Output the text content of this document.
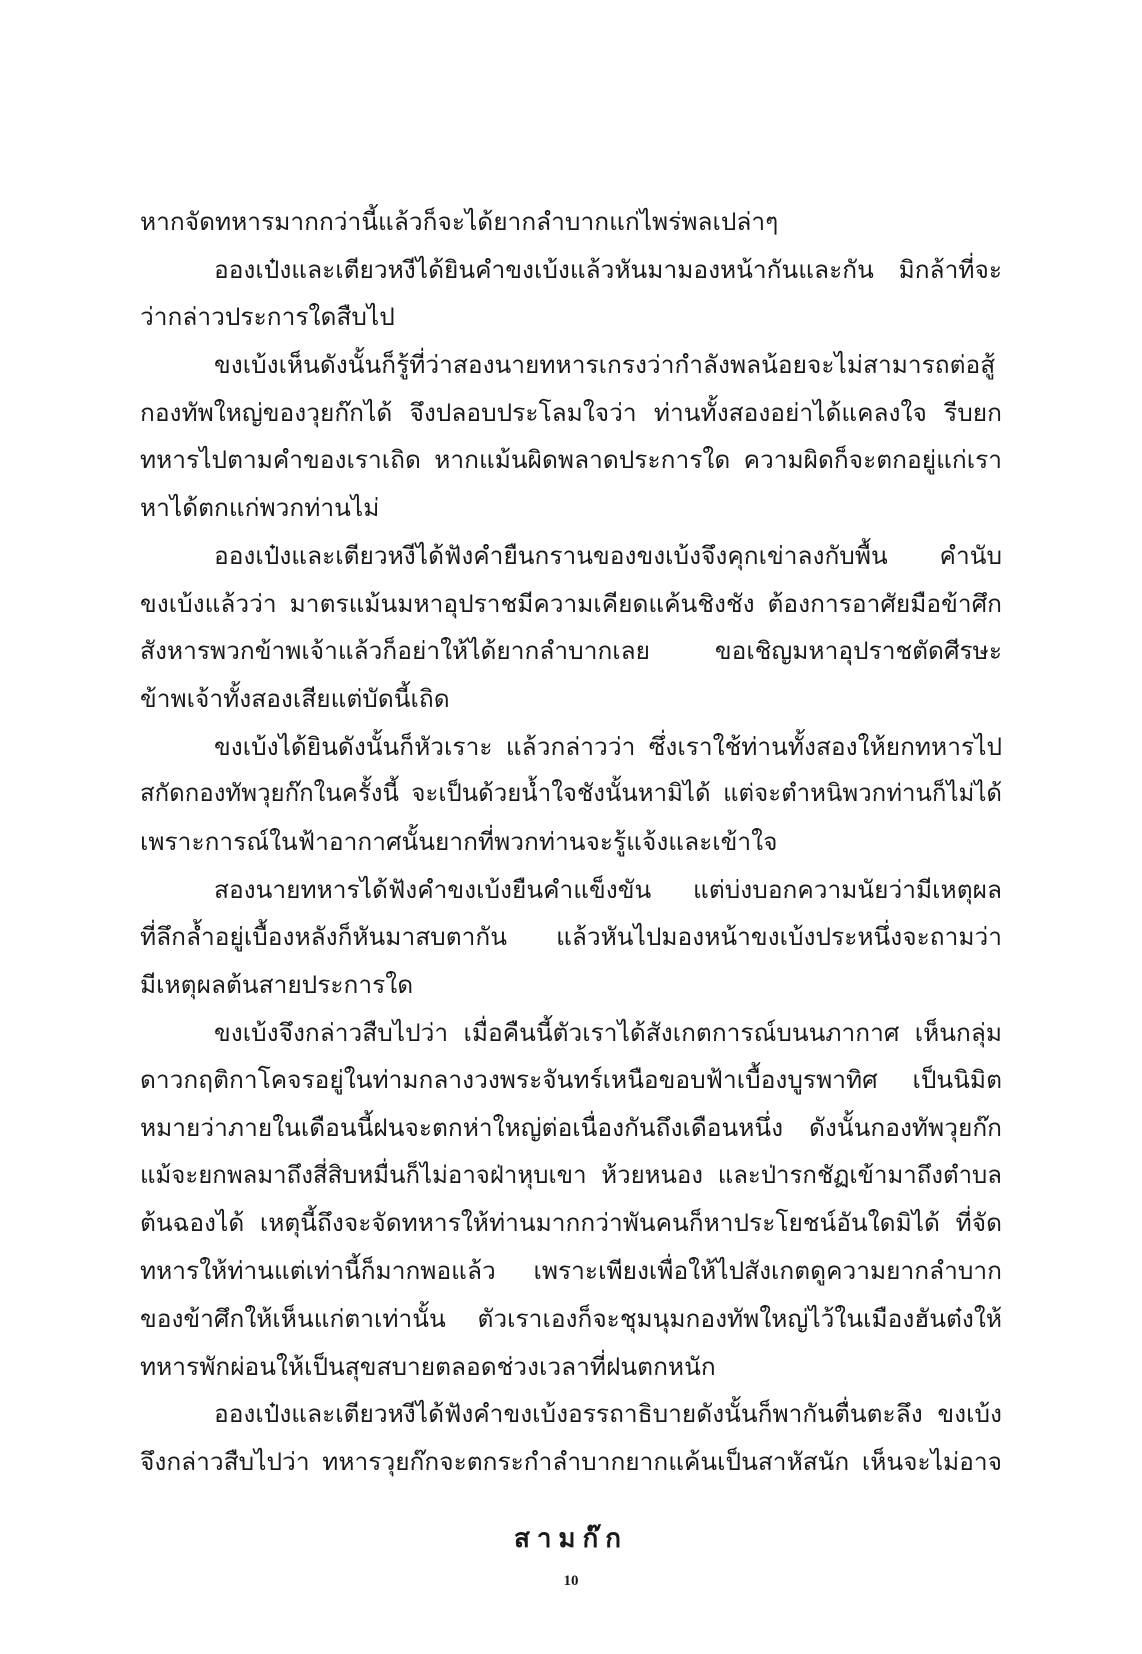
หากจัดทหารมากกว่านี้แล้วก็จะได้ยากลำบากแก่ไพร่พลเปล่าๆ
อองเป๋งและเตียวหงีได้ยินคำขงเบ้งแล้วหันมามองหน้ากันและกัน มิกล้าที่จะ
ว่ากล่าวประการใดสืบไป
ขงเบ้งเห็นดังนั้นก็รู้ที่ว่าสองนายทหารเกรงว่ากำลังพลน้อยจะไม่สามารถต่อสู้
กองทัพใหญ่ของวุยก๊กได้ จึงปลอบประโลมใจว่า ท่านทั้งสองอย่าได้แคลงใจ รีบยก
ทหารไปตามคำของเราเถิด หากแม้นผิดพลาดประการใด ความผิดก็จะตกอยู่แก่เรา
หาได้ตกแก่พวกท่านไม่
อองเป๋งและเตียวหงีได้ฟังคำยืนกรานของขงเบ้งจึงคุกเข่าลงกับพื้น คำนับ
ขงเบ้งแล้วว่า มาตรแม้นมหาอุปราชมีความเคียดแค้นชิงชัง ต้องการอาศัยมือข้าศึก
สังหารพวกข้าพเจ้าแล้วก็อย่าให้ได้ยากลำบากเลย ขอเชิญมหาอุปราชตัดศีรษะ
ข้าพเจ้าทั้งสองเสียแต่บัดนี้เถิด
ขงเบ้งได้ยินดังนั้นก็หัวเราะ แล้วกล่าวว่า ซึ่งเราใช้ท่านทั้งสองให้ยกทหารไป
สกัดกองทัพวุยก๊กในครั้งนี้ จะเป็นด้วยน้ำใจชังนั้นหามิได้ แต่จะตำหนิพวกท่านก็ไม่ได้
เพราะการณ์ในฟ้าอากาศนั้นยากที่พวกท่านจะรู้แจ้งและเข้าใจ
สองนายทหารได้ฟังคำขงเบ้งยืนคำแข็งขัน แต่บ่งบอกความนัยว่ามีเหตุผล
ที่ลึกล้ำอยู่เบื้องหลังก็หันมาสบตากัน แล้วหันไปมองหน้าขงเบ้งประหนึ่งจะถามว่า
มีเหตุผลต้นสายประการใด
ขงเบ้งจึงกล่าวสืบไปว่า เมื่อคืนนี้ตัวเราได้สังเกตการณ์บนนภากาศ เห็นกลุ่ม
ดาวกฤติกาโคจรอยู่ในท่ามกลางวงพระจันทร์เหนือขอบฟ้าเบื้องบูรพาทิศ เป็นนิมิต
หมายว่าภายในเดือนนี้ฝนจะตกห่าใหญ่ต่อเนื่องกันถึงเดือนหนึ่ง ดังนั้นกองทัพวุยก๊ก
แม้จะยกพลมาถึงสี่สิบหมื่นก็ไม่อาจฝ่าหุบเขา ห้วยหนอง และป่ารกชัฏเข้ามาถึงตำบล
ต้นฉองได้ เหตุนี้ถึงจะจัดทหารให้ท่านมากกว่าพันคนก็หาประโยชน์อันใดมิได้ ที่จัด
ทหารให้ท่านแต่เท่านี้ก็มากพอแล้ว เพราะเพียงเพื่อให้ไปสังเกตดูความยากลำบาก
ของข้าศึกให้เห็นแก่ตาเท่านั้น ตัวเราเองก็จะชุมนุมกองทัพใหญ่ไว้ในเมืองฮันต๋งให้
ทหารพักผ่อนให้เป็นสุขสบายตลอดช่วงเวลาที่ฝนตกหนัก
อองเป๋งและเตียวหงีได้ฟังคำขงเบ้งอรรถาธิบายดังนั้นก็พากันตื่นตะลึง ขงเบ้ง
จึงกล่าวสืบไปว่า ทหารวุยก๊กจะตกระกำลำบากยากแค้นเป็นสาหัสนัก เห็นจะไม่อาจ
สามก๊ก
10
